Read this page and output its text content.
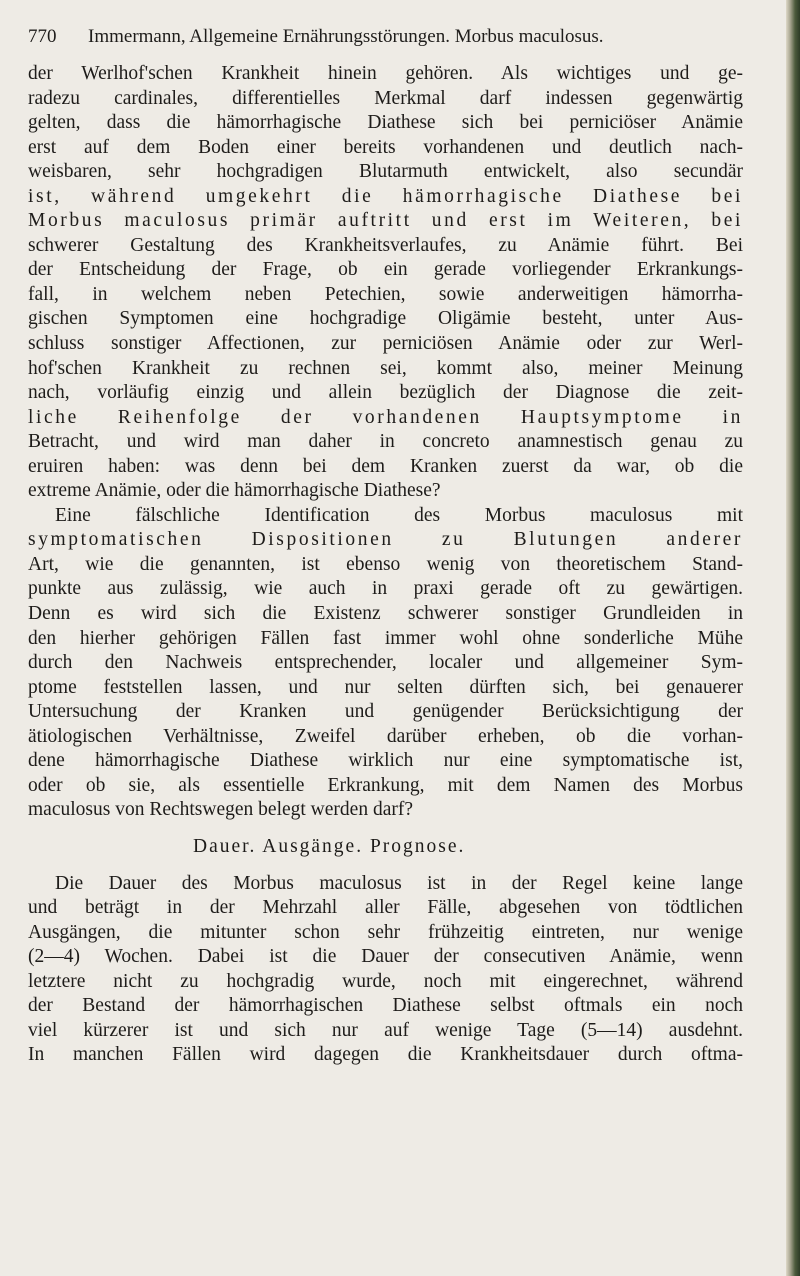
770 Immermann, Allgemeine Ernährungsstörungen. Morbus maculosus.
der Werlhof'schen Krankheit hinein gehören. Als wichtiges und ge-
radezu cardinales, differentielles Merkmal darf indessen gegenwärtig
gelten, dass die hämorrhagische Diathese sich bei perniciöser Anämie
erst auf dem Boden einer bereits vorhandenen und deutlich nach-
weisbaren, sehr hochgradigen Blutarmuth entwickelt, also secundär
ist, während umgekehrt die hämorrhagische Diathese bei
Morbus maculosus primär auftritt und erst im Weiteren, bei
schwerer Gestaltung des Krankheitsverlaufes, zu Anämie führt. Bei
der Entscheidung der Frage, ob ein gerade vorliegender Erkrankungs-
fall, in welchem neben Petechien, sowie anderweitigen hämorrha-
gischen Symptomen eine hochgradige Oligämie besteht, unter Aus-
schluss sonstiger Affectionen, zur perniciösen Anämie oder zur Werl-
hof'schen Krankheit zu rechnen sei, kommt also, meiner Meinung
nach, vorläufig einzig und allein bezüglich der Diagnose die zeit-
liche Reihenfolge der vorhandenen Hauptsymptome in
Betracht, und wird man daher in concreto anamnestisch genau zu
eruiren haben: was denn bei dem Kranken zuerst da war, ob die
extreme Anämie, oder die hämorrhagische Diathese?
Eine fälschliche Identification des Morbus maculosus mit
symptomatischen Dispositionen zu Blutungen anderer
Art, wie die genannten, ist ebenso wenig von theoretischem Stand-
punkte aus zulässig, wie auch in praxi gerade oft zu gewärtigen.
Denn es wird sich die Existenz schwerer sonstiger Grundleiden in
den hierher gehörigen Fällen fast immer wohl ohne sonderliche Mühe
durch den Nachweis entsprechender, localer und allgemeiner Sym-
ptome feststellen lassen, und nur selten dürften sich, bei genauerer
Untersuchung der Kranken und genügender Berücksichtigung der
ätiologischen Verhältnisse, Zweifel darüber erheben, ob die vorhan-
dene hämorrhagische Diathese wirklich nur eine symptomatische ist,
oder ob sie, als essentielle Erkrankung, mit dem Namen des Morbus
maculosus von Rechtswegen belegt werden darf?
Dauer. Ausgänge. Prognose.
Die Dauer des Morbus maculosus ist in der Regel keine lange
und beträgt in der Mehrzahl aller Fälle, abgesehen von tödtlichen
Ausgängen, die mitunter schon sehr frühzeitig eintreten, nur wenige
(2—4) Wochen. Dabei ist die Dauer der consecutiven Anämie, wenn
letztere nicht zu hochgradig wurde, noch mit eingerechnet, während
der Bestand der hämorrhagischen Diathese selbst oftmals ein noch
viel kürzerer ist und sich nur auf wenige Tage (5—14) ausdehnt.
In manchen Fällen wird dagegen die Krankheitsdauer durch oftma-
